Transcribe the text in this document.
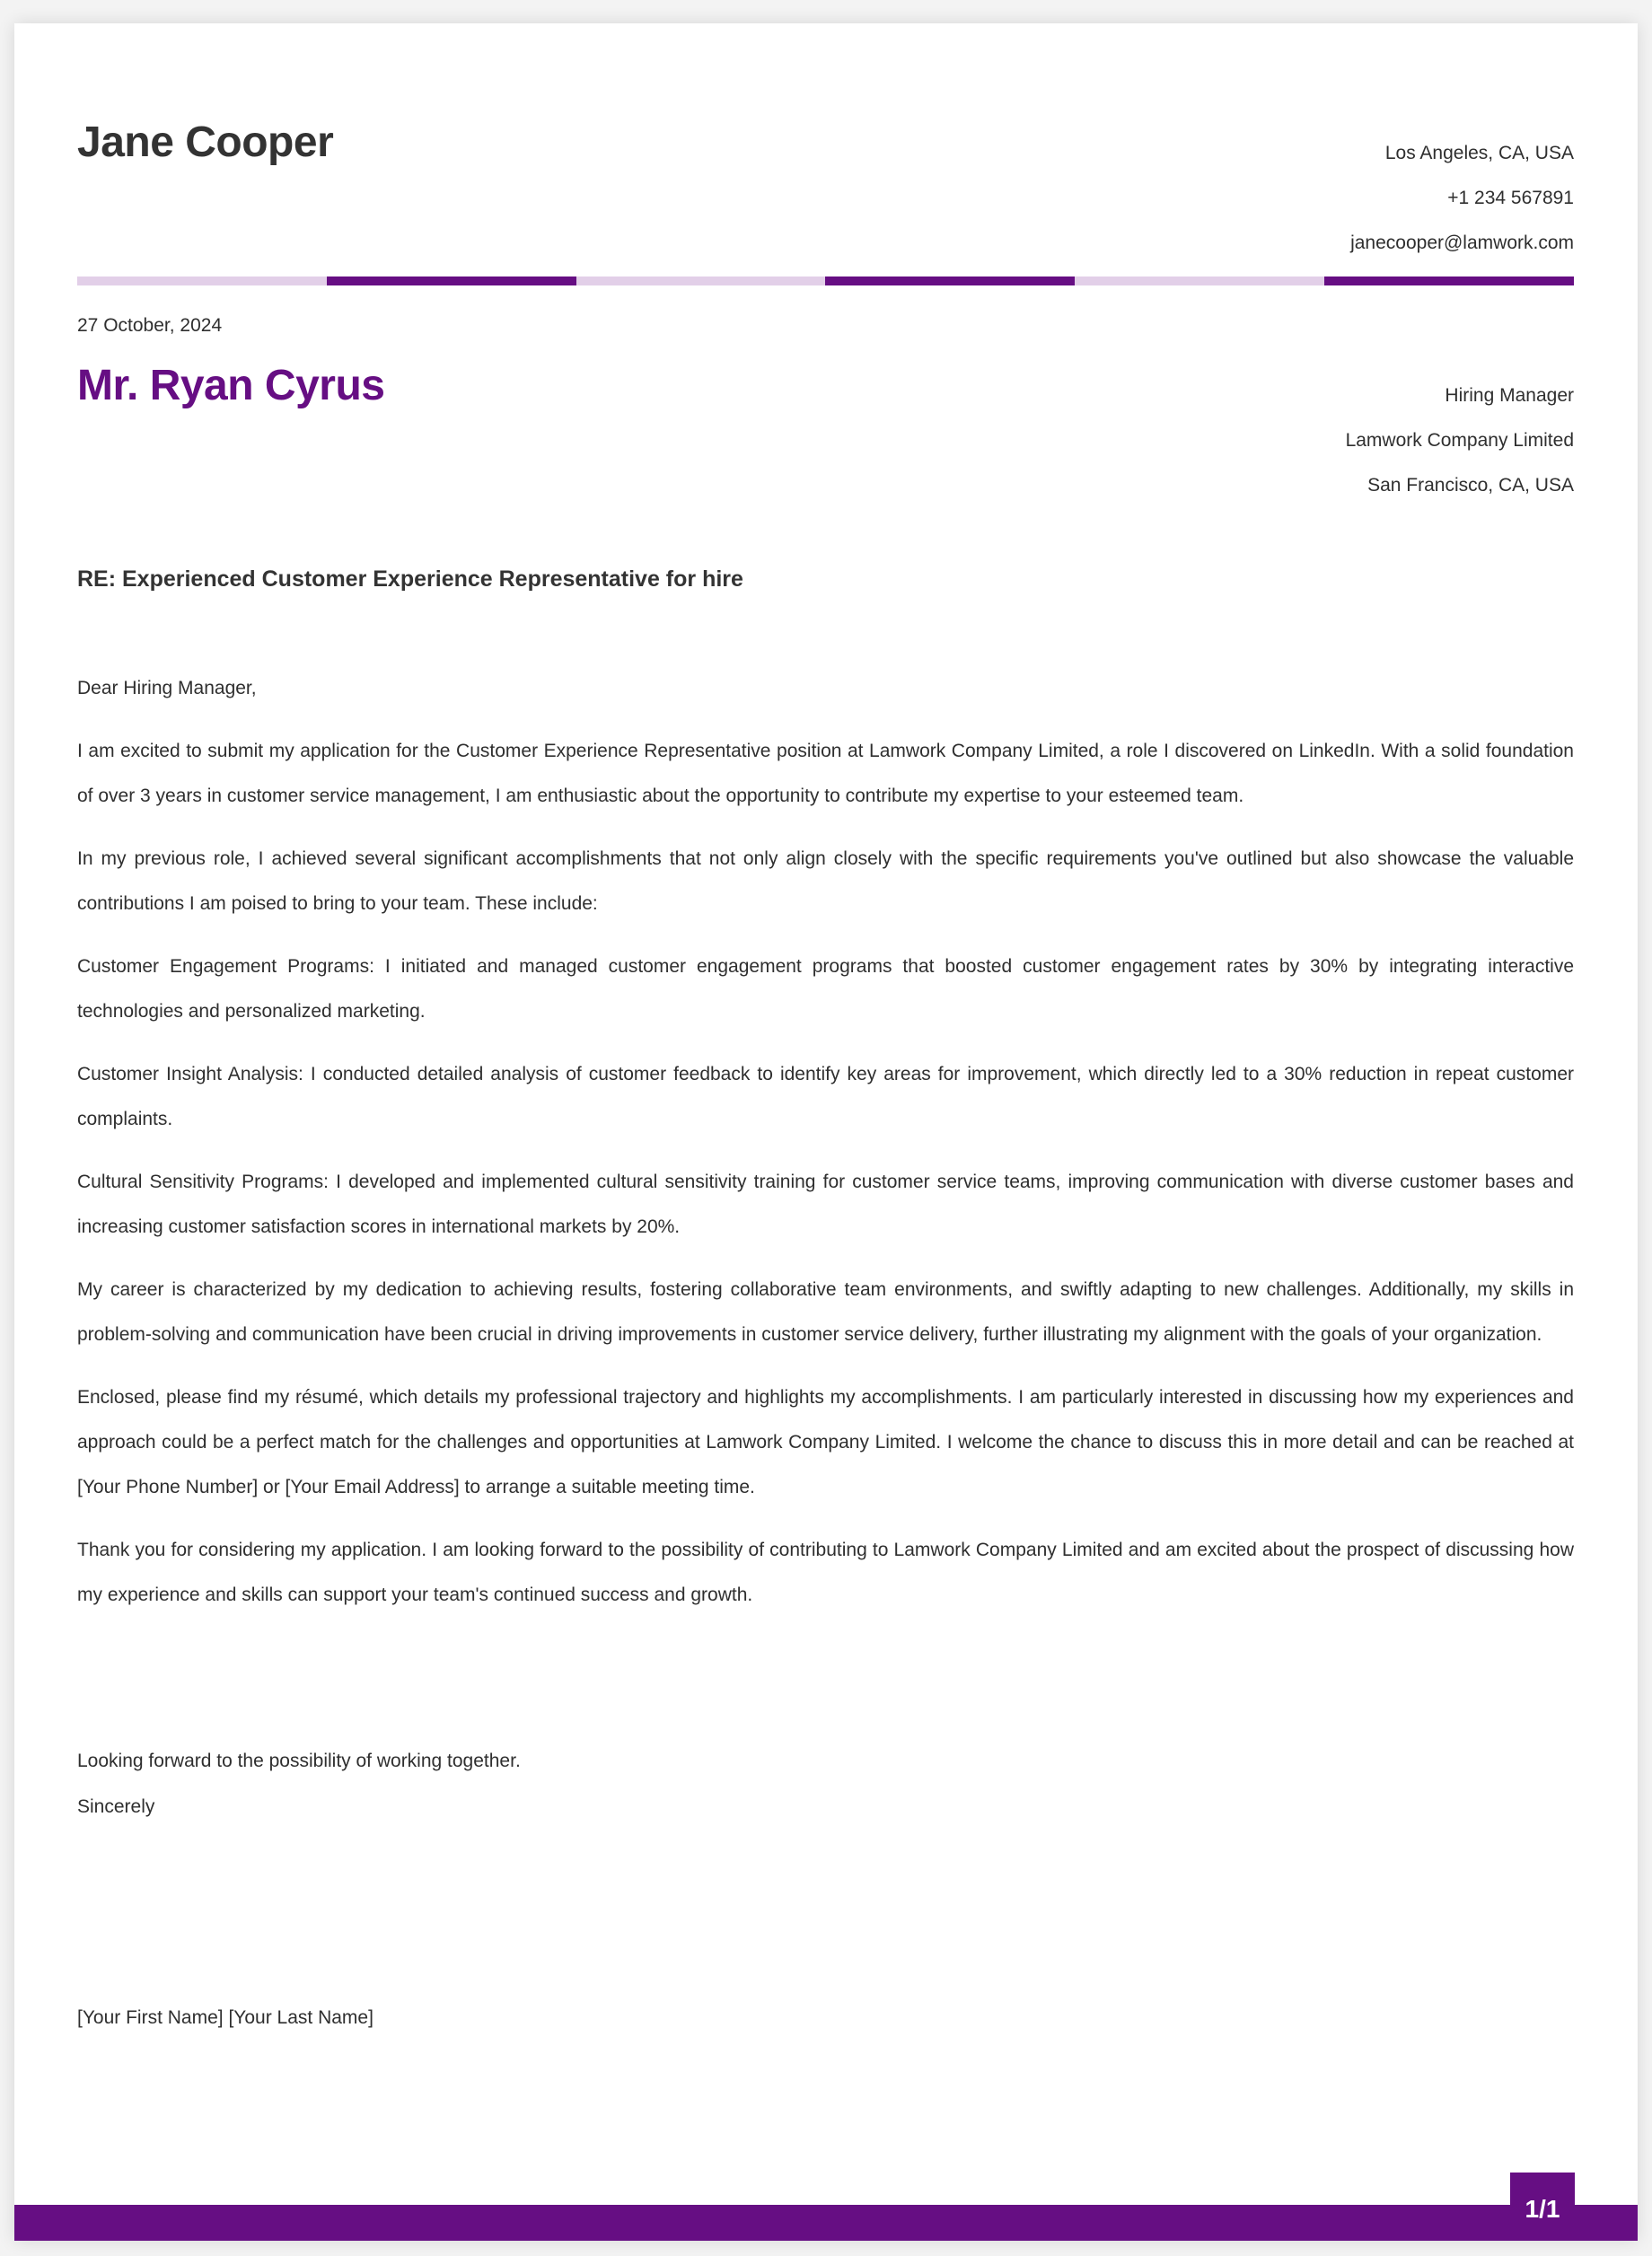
Jane Cooper	Los Angeles, CA, USA
+1 234 567891
janecooper@lamwork.com
27 October, 2024
Mr. Ryan Cyrus	Hiring Manager
Lamwork Company Limited
San Francisco, CA, USA
RE: Experienced Customer Experience Representative for hire

Dear Hiring Manager,

I am excited to submit my application for the Customer Experience Representative position at Lamwork Company Limited, a role I discovered on LinkedIn. With a solid foundation of over 3 years in customer service management, I am enthusiastic about the opportunity to contribute my expertise to your esteemed team.

In my previous role, I achieved several significant accomplishments that not only align closely with the specific requirements you've outlined but also showcase the valuable contributions I am poised to bring to your team. These include:

Customer Engagement Programs: I initiated and managed customer engagement programs that boosted customer engagement rates by 30% by integrating interactive technologies and personalized marketing.

Customer Insight Analysis: I conducted detailed analysis of customer feedback to identify key areas for improvement, which directly led to a 30% reduction in repeat customer complaints.

Cultural Sensitivity Programs: I developed and implemented cultural sensitivity training for customer service teams, improving communication with diverse customer bases and increasing customer satisfaction scores in international markets by 20%.

My career is characterized by my dedication to achieving results, fostering collaborative team environments, and swiftly adapting to new challenges. Additionally, my skills in problem-solving and communication have been crucial in driving improvements in customer service delivery, further illustrating my alignment with the goals of your organization.

Enclosed, please find my résumé, which details my professional trajectory and highlights my accomplishments. I am particularly interested in discussing how my experiences and approach could be a perfect match for the challenges and opportunities at Lamwork Company Limited. I welcome the chance to discuss this in more detail and can be reached at [Your Phone Number] or [Your Email Address] to arrange a suitable meeting time.

Thank you for considering my application. I am looking forward to the possibility of contributing to Lamwork Company Limited and am excited about the prospect of discussing how my experience and skills can support your team's continued success and growth.

Looking forward to the possibility of working together.
Sincerely
[Your First Name] [Your Last Name]
1/1
